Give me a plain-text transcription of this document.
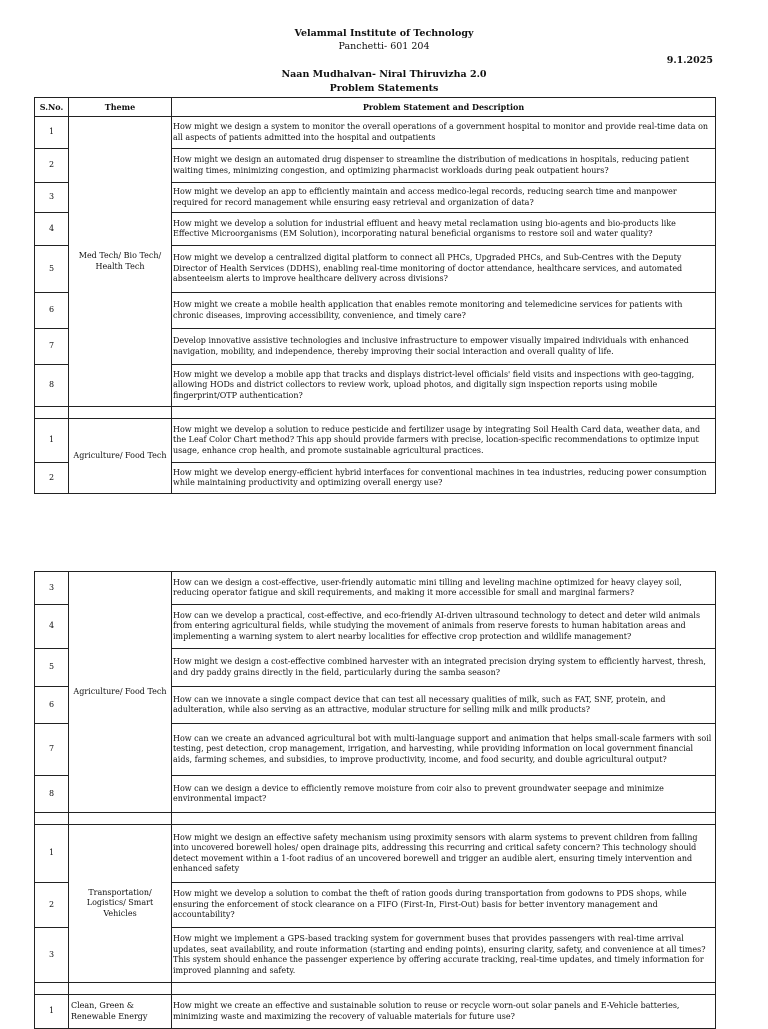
Velammal Institute of Technology
Panchetti- 601 204
9.1.2025
Naan Mudhalvan- Niral Thiruvizha 2.0
Problem Statements
S.No.	Theme	Problem Statement and Description
1	Med Tech/ Bio Tech/ Health Tech	How might we design a system to monitor the overall operations of a government hospital to monitor and provide real-time data on all aspects of patients admitted into the hospital and outpatients
2		How might we design an automated drug dispenser to streamline the distribution of medications in hospitals, reducing patient waiting times, minimizing congestion, and optimizing pharmacist workloads during peak outpatient hours?
3		How might we develop an app to efficiently maintain and access medico-legal records, reducing search time and manpower required for record management while ensuring easy retrieval and organization of data?
4		How might we develop a solution for industrial effluent and heavy metal reclamation using bio-agents and bio-products like Effective Microorganisms (EM Solution), incorporating natural beneficial organisms to restore soil and water quality?
5		How might we develop a centralized digital platform to connect all PHCs, Upgraded PHCs, and Sub-Centres with the Deputy Director of Health Services (DDHS), enabling real-time monitoring of doctor attendance, healthcare services, and automated absenteeism alerts to improve healthcare delivery across divisions?
6		How might we create a mobile health application that enables remote monitoring and telemedicine services for patients with chronic diseases, improving accessibility, convenience, and timely care?
7		Develop innovative assistive technologies and inclusive infrastructure to empower visually impaired individuals with enhanced navigation, mobility, and independence, thereby improving their social interaction and overall quality of life.
8		How might we develop a mobile app that tracks and displays district-level officials' field visits and inspections with geo-tagging, allowing HODs and district collectors to review work, upload photos, and digitally sign inspection reports using mobile fingerprint/OTP authentication?

1	Agriculture/ Food Tech	How might we develop a solution to reduce pesticide and fertilizer usage by integrating Soil Health Card data, weather data, and the Leaf Color Chart method? This app should provide farmers with precise, location-specific recommendations to optimize input usage, enhance crop health, and promote sustainable agricultural practices.
2		How might we develop energy-efficient hybrid interfaces for conventional machines in tea industries, reducing power consumption while maintaining productivity and optimizing overall energy use?
3	Agriculture/ Food Tech	How can we design a cost-effective, user-friendly automatic mini tilling and leveling machine optimized for heavy clayey soil, reducing operator fatigue and skill requirements, and making it more accessible for small and marginal farmers?
4		How can we develop a practical, cost-effective, and eco-friendly AI-driven ultrasound technology to detect and deter wild animals from entering agricultural fields, while studying the movement of animals from reserve forests to human habitation areas and implementing a warning system to alert nearby localities for effective crop protection and wildlife management?
5		How might we design a cost-effective combined harvester with an integrated precision drying system to efficiently harvest, thresh, and dry paddy grains directly in the field, particularly during the samba season?
6		How can we innovate a single compact device that can test all necessary qualities of milk, such as FAT, SNF, protein, and adulteration, while also serving as an attractive, modular structure for selling milk and milk products?
7		How can we create an advanced agricultural bot with multi-language support and animation that helps small-scale farmers with soil testing, pest detection, crop management, irrigation, and harvesting, while providing information on local government financial aids, farming schemes, and subsidies, to improve productivity, income, and food security, and double agricultural output?
8		How can we design a device to efficiently remove moisture from coir also to prevent groundwater seepage and minimize environmental impact?

1	Transportation/ Logistics/ Smart Vehicles	How might we design an effective safety mechanism using proximity sensors with alarm systems to prevent children from falling into uncovered borewell holes/ open drainage pits, addressing this recurring and critical safety concern? This technology should detect movement within a 1-foot radius of an uncovered borewell and trigger an audible alert, ensuring timely intervention and enhanced safety
2		How might we develop a solution to combat the theft of ration goods during transportation from godowns to PDS shops, while ensuring the enforcement of stock clearance on a FIFO (First-In, First-Out) basis for better inventory management and accountability?
3		How might we implement a GPS-based tracking system for government buses that provides passengers with real-time arrival updates, seat availability, and route information (starting and ending points), ensuring clarity, safety, and convenience at all times? This system should enhance the passenger experience by offering accurate tracking, real-time updates, and timely information for improved planning and safety.

1	Clean, Green & Renewable Energy	How might we create an effective and sustainable solution to reuse or recycle worn-out solar panels and E-Vehicle batteries, minimizing waste and maximizing the recovery of valuable materials for future use?
